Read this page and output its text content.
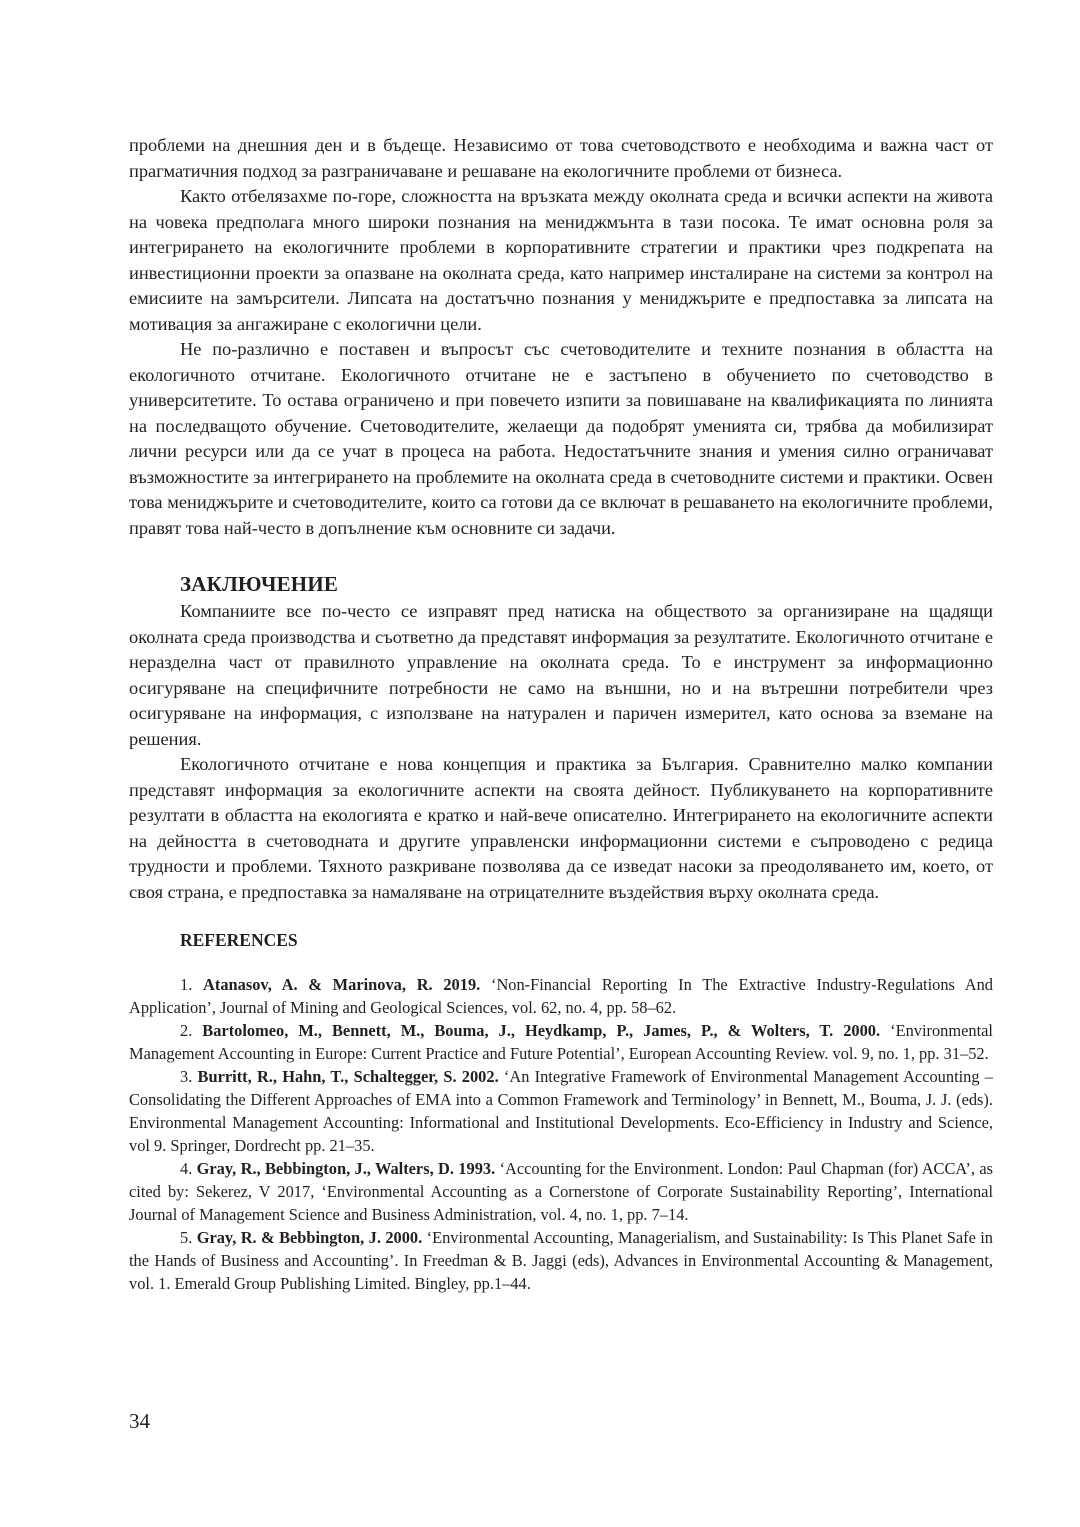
проблеми на днешния ден и в бъдеще. Независимо от това счетоводството е необходима и важна част от прагматичния подход за разграничаване и решаване на екологичните проблеми от бизнеса.

Както отбелязахме по-горе, сложността на връзката между околната среда и всички аспекти на живота на човека предполага много широки познания на мениджмънта в тази посока. Те имат основна роля за интегрирането на екологичните проблеми в корпоративните стратегии и практики чрез подкрепата на инвестиционни проекти за опазване на околната среда, като например инсталиране на системи за контрол на емисиите на замърсители. Липсата на достатъчно познания у мениджърите е предпоставка за липсата на мотивация за ангажиране с екологични цели.

Не по-различно е поставен и въпросът със счетоводителите и техните познания в областта на екологичното отчитане. Екологичното отчитане не е застъпено в обучението по счетоводство в университетите. То остава ограничено и при повечето изпити за повишаване на квалификацията по линията на последващото обучение. Счетоводителите, желаещи да подобрят уменията си, трябва да мобилизират лични ресурси или да се учат в процеса на работа. Недостатъчните знания и умения силно ограничават възможностите за интегрирането на проблемите на околната среда в счетоводните системи и практики. Освен това мениджърите и счетоводителите, които са готови да се включат в решаването на екологичните проблеми, правят това най-често в допълнение към основните си задачи.

ЗАКЛЮЧЕНИЕ

Компаниите все по-често се изправят пред натиска на обществото за организиране на щадящи околната среда производства и съответно да представят информация за резултатите. Екологичното отчитане е неразделна част от правилното управление на околната среда. То е инструмент за информационно осигуряване на специфичните потребности не само на външни, но и на вътрешни потребители чрез осигуряване на информация, с използване на натурален и паричен измерител, като основа за вземане на решения.

Екологичното отчитане е нова концепция и практика за България. Сравнително малко компании представят информация за екологичните аспекти на своята дейност. Публикуването на корпоративните резултати в областта на екологията е кратко и най-вече описателно. Интегрирането на екологичните аспекти на дейността в счетоводната и другите управленски информационни системи е съпроводено с редица трудности и проблеми. Тяхното разкриване позволява да се изведат насоки за преодоляването им, което, от своя страна, е предпоставка за намаляване на отрицателните въздействия върху околната среда.

REFERENCES

1. Atanasov, A. & Marinova, R. 2019. ‘Non-Financial Reporting In The Extractive Industry-Regulations And Application’, Journal of Mining and Geological Sciences, vol. 62, no. 4, pp. 58–62.

2. Bartolomeo, M., Bennett, M., Bouma, J., Heydkamp, P., James, P., & Wolters, T. 2000. ‘Environmental Management Accounting in Europe: Current Practice and Future Potential’, European Accounting Review. vol. 9, no. 1, pp. 31–52.

3. Burritt, R., Hahn, T., Schaltegger, S. 2002. ‘An Integrative Framework of Environmental Management Accounting – Consolidating the Different Approaches of EMA into a Common Framework and Terminology’ in Bennett, M., Bouma, J. J. (eds). Environmental Management Accounting: Informational and Institutional Developments. Eco-Efficiency in Industry and Science, vol 9. Springer, Dordrecht pp. 21–35.

4. Gray, R., Bebbington, J., Walters, D. 1993. ‘Accounting for the Environment. London: Paul Chapman (for) ACCA’, as cited by: Sekerez, V 2017, ‘Environmental Accounting as a Cornerstone of Corporate Sustainability Reporting’, International Journal of Management Science and Business Administration, vol. 4, no. 1, pp. 7–14.

5. Gray, R. & Bebbington, J. 2000. ‘Environmental Accounting, Managerialism, and Sustainability: Is This Planet Safe in the Hands of Business and Accounting’. In Freedman & B. Jaggi (eds), Advances in Environmental Accounting & Management, vol. 1. Emerald Group Publishing Limited. Bingley, pp.1–44.

34
